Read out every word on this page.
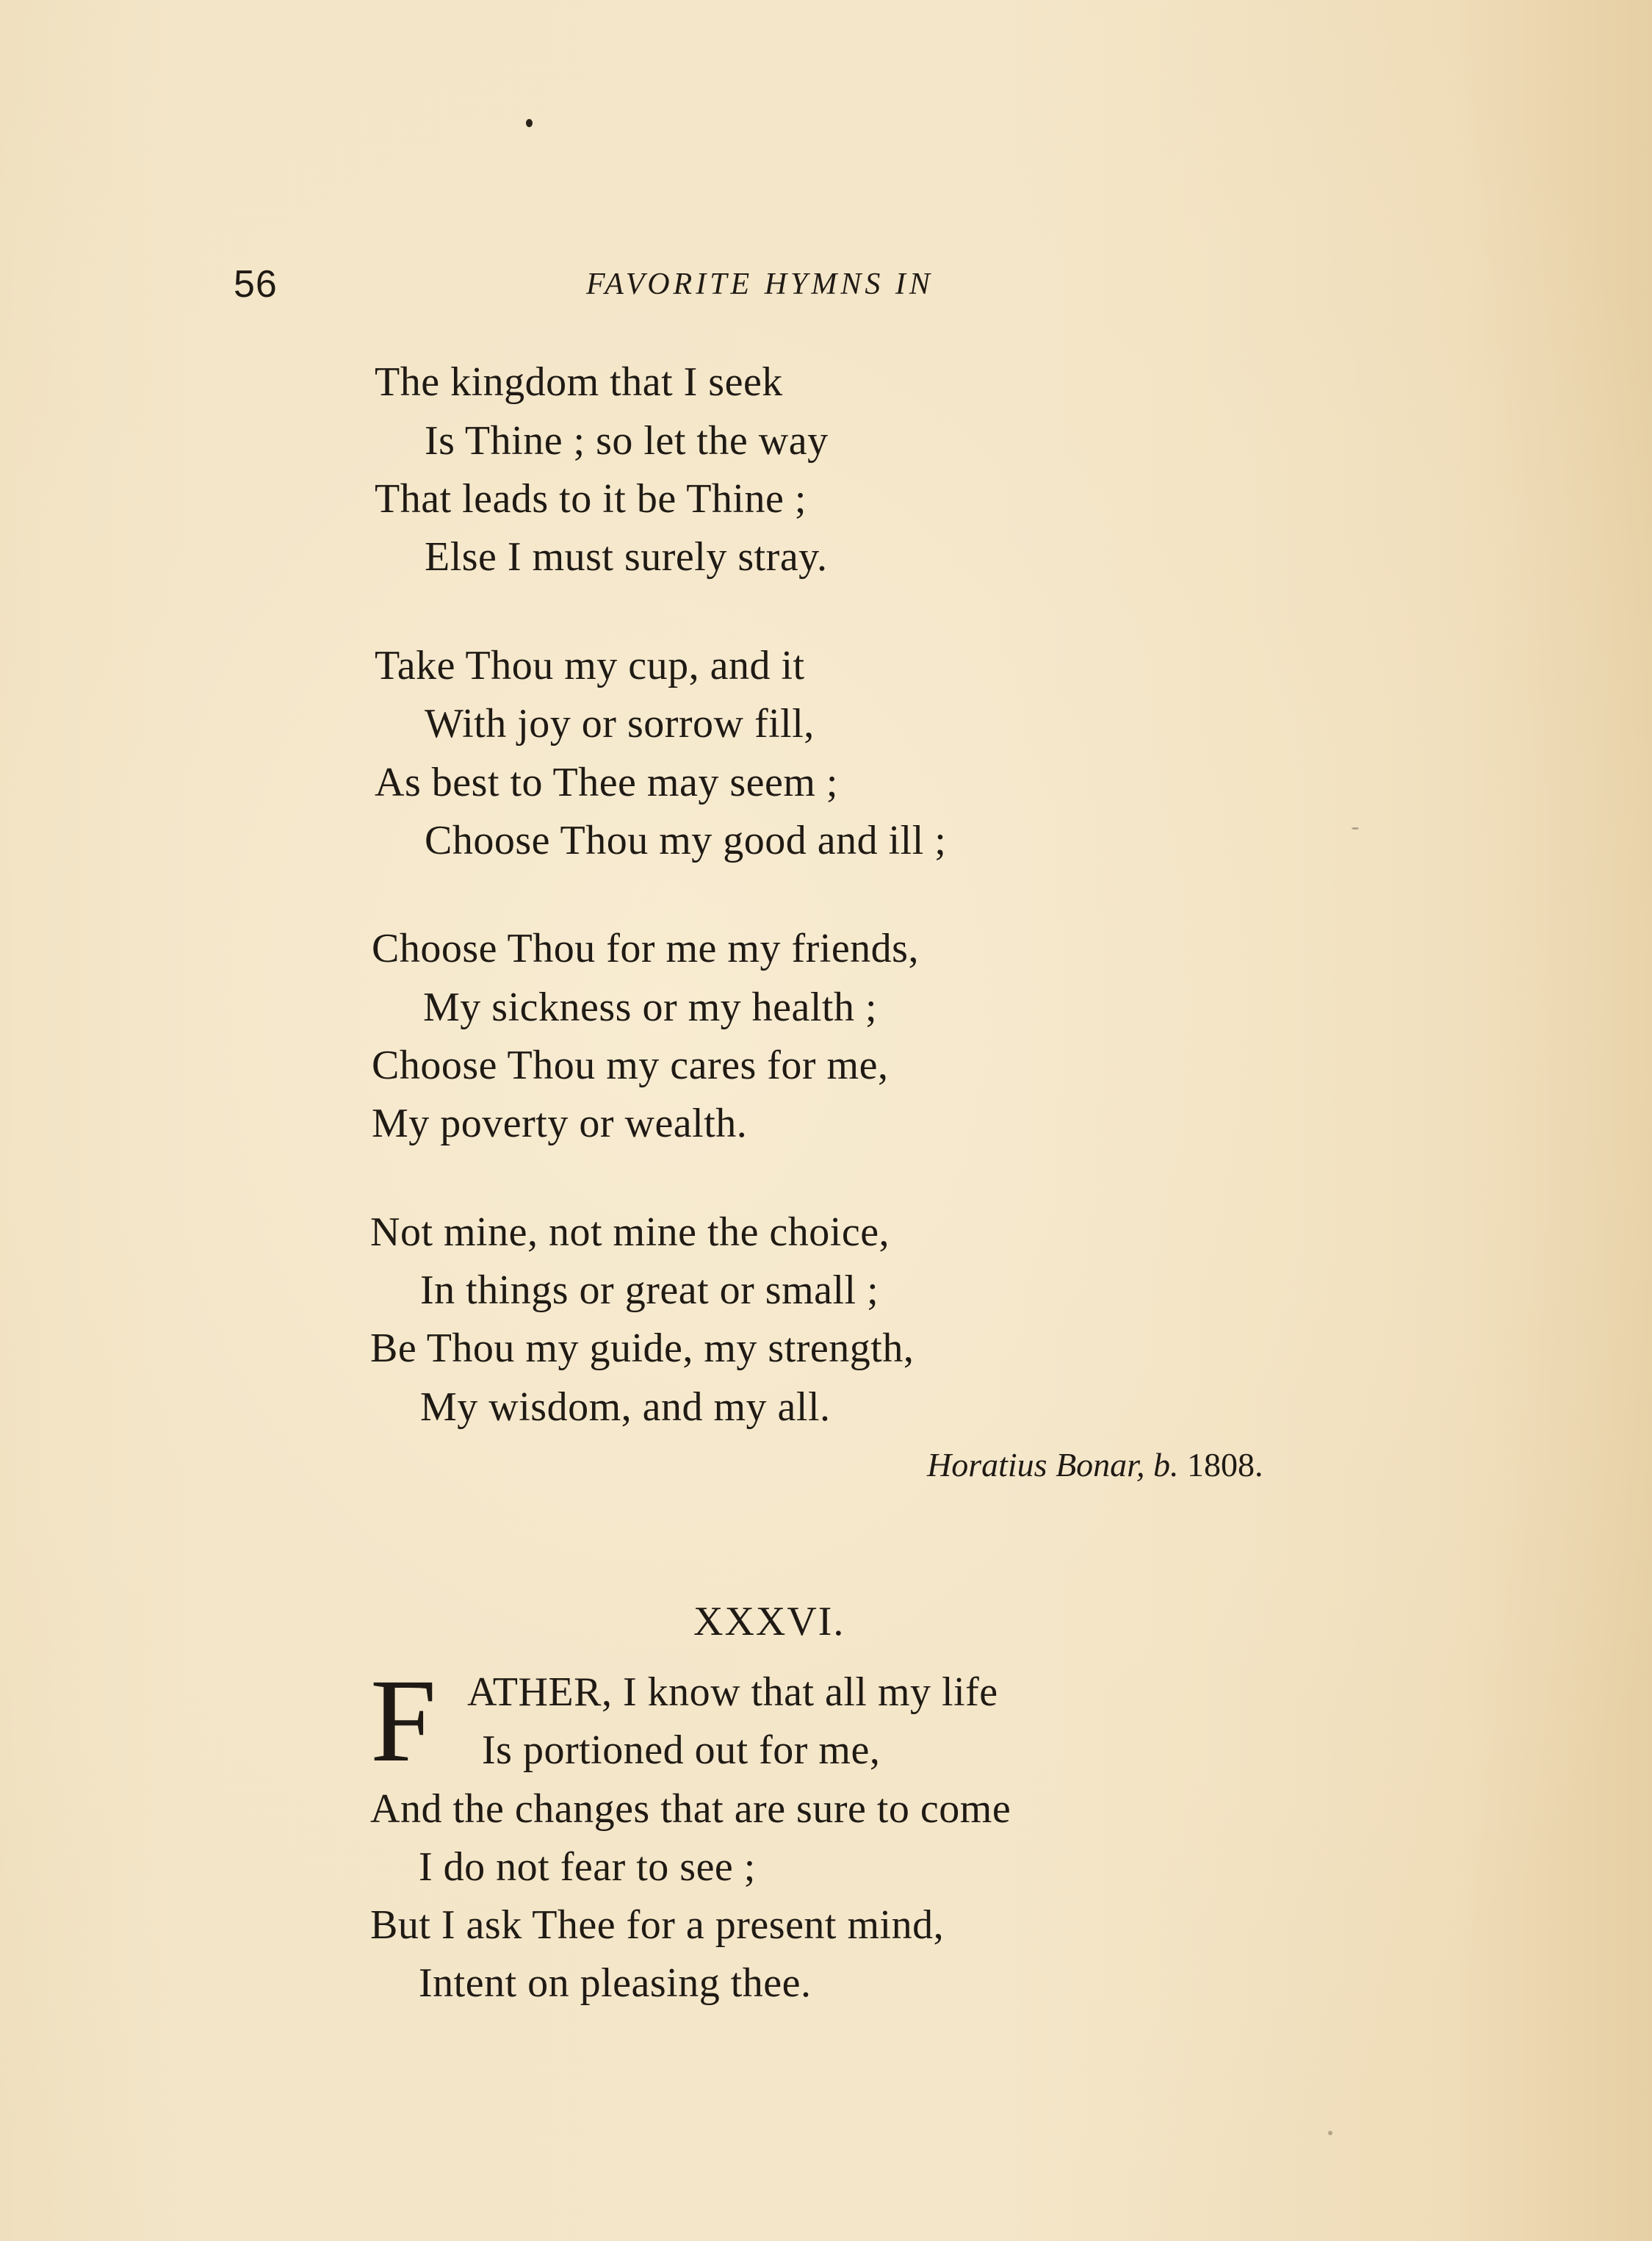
56	FAVORITE HYMNS IN
The kingdom that I seek
Is Thine ; so let the way
That leads to it be Thine ;
Else I must surely stray.
Take Thou my cup, and it
With joy or sorrow fill,
As best to Thee may seem ;
Choose Thou my good and ill ;
Choose Thou for me my friends,
My sickness or my health ;
Choose Thou my cares for me,
My poverty or wealth.
Not mine, not mine the choice,
In things or great or small ;
Be Thou my guide, my strength,
My wisdom, and my all.
Horatius Bonar, b. 1808.
XXXVI.
F ATHER, I know that all my life
Is portioned out for me,
And the changes that are sure to come
I do not fear to see ;
But I ask Thee for a present mind,
Intent on pleasing thee.
